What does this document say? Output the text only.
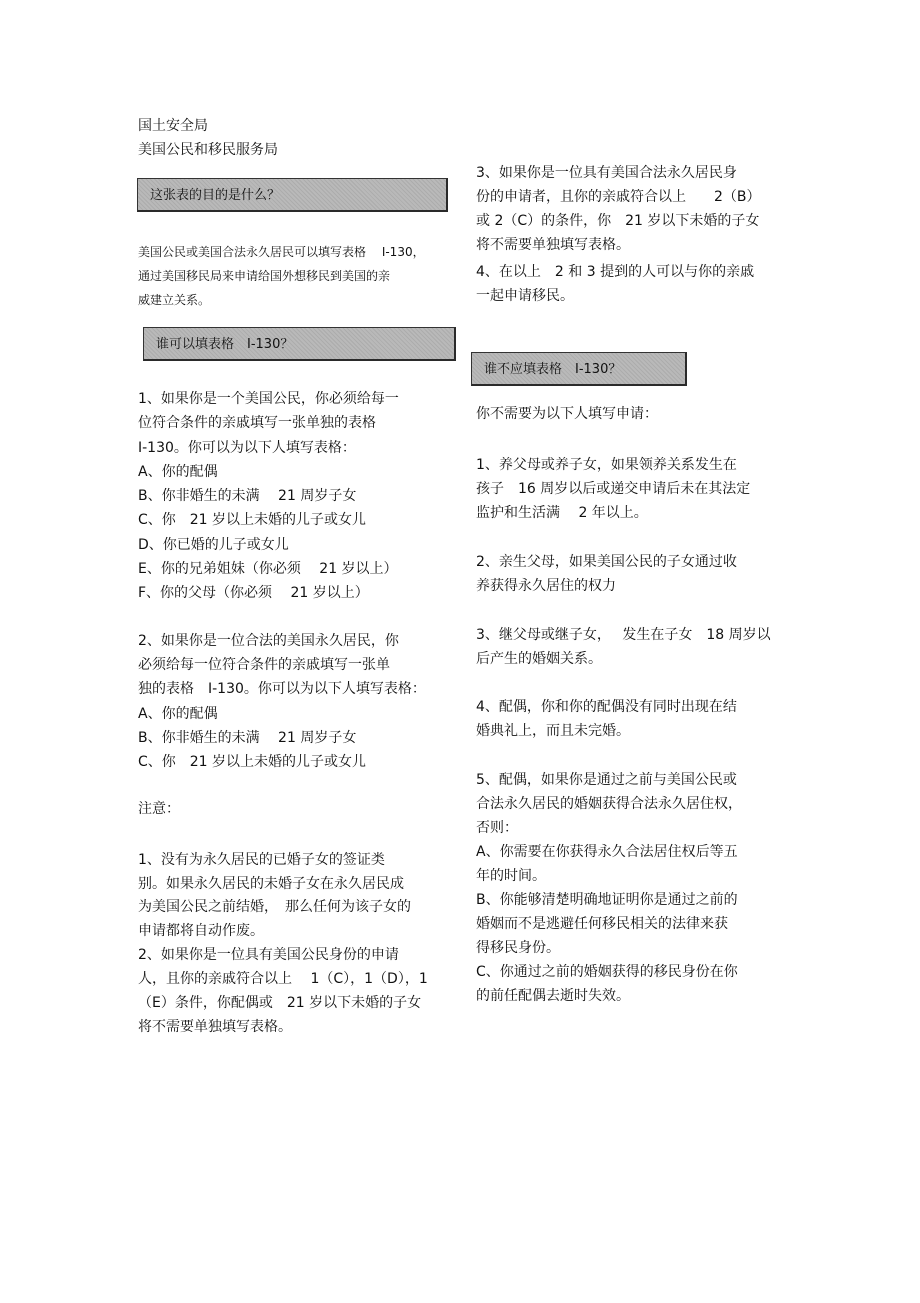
国土安全局
美国公民和移民服务局
这张表的目的是什么？
美国公民或美国合法永久居民可以填写表格　 I-130，
通过美国移民局来申请给国外想移民到美国的亲
威建立关系。
谁可以填表格　I-130？
1、如果你是一个美国公民，你必须给每一
位符合条件的亲戚填写一张单独的表格
I-130。你可以为以下人填写表格：
A、你的配偶
B、你非婚生的未满　 21 周岁子女
C、你　21 岁以上未婚的儿子或女儿
D、你已婚的儿子或女儿
E、你的兄弟姐妹（你必须　 21 岁以上）
F、你的父母（你必须　 21 岁以上）
2、如果你是一位合法的美国永久居民，你
必须给每一位符合条件的亲戚填写一张单
独的表格　I-130。你可以为以下人填写表格：
A、你的配偶
B、你非婚生的未满　 21 周岁子女
C、你　21 岁以上未婚的儿子或女儿
注意：
1、没有为永久居民的已婚子女的签证类
别。如果永久居民的未婚子女在永久居民成
为美国公民之前结婚，　那么任何为该子女的
申请都将自动作废。
2、如果你是一位具有美国公民身份的申请
人，且你的亲戚符合以上　 1（C），1（D），1
（E）条件，你配偶或　21 岁以下未婚的子女
将不需要单独填写表格。
3、如果你是一位具有美国合法永久居民身
份的申请者，且你的亲戚符合以上　　2（B）
或 2（C）的条件，你　21 岁以下未婚的子女
将不需要单独填写表格。
4、在以上　2 和 3 提到的人可以与你的亲戚
一起申请移民。
谁不应填表格　I-130？
你不需要为以下人填写申请：
1、养父母或养子女，如果领养关系发生在
孩子　16 周岁以后或递交申请后未在其法定
监护和生活满　 2 年以上。
2、亲生父母，如果美国公民的子女通过收
养获得永久居住的权力
3、继父母或继子女，　 发生在子女　18 周岁以
后产生的婚姻关系。
4、配偶，你和你的配偶没有同时出现在结
婚典礼上，而且未完婚。
5、配偶，如果你是通过之前与美国公民或
合法永久居民的婚姻获得合法永久居住权，
否则：
A、你需要在你获得永久合法居住权后等五
年的时间。
B、你能够清楚明确地证明你是通过之前的
婚姻而不是逃避任何移民相关的法律来获
得移民身份。
C、你通过之前的婚姻获得的移民身份在你
的前任配偶去逝时失效。
